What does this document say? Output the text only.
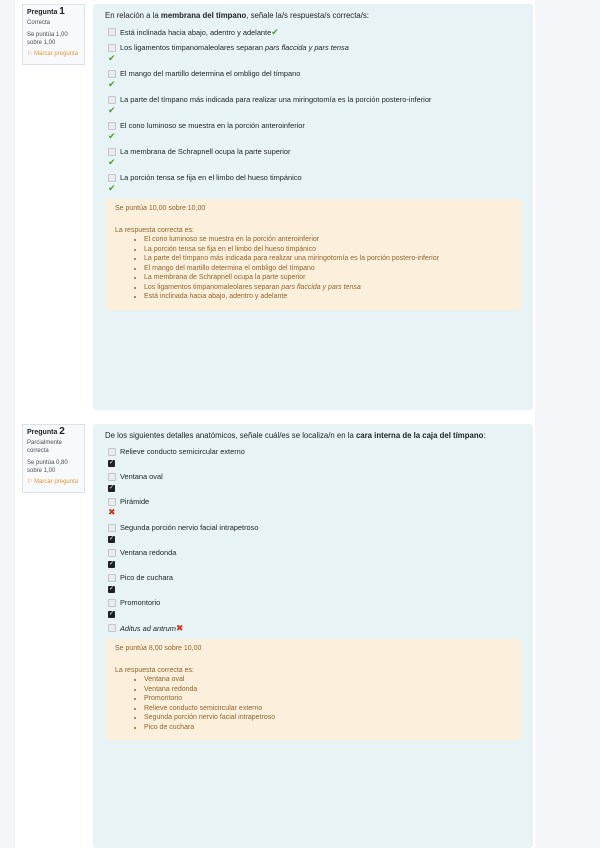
Pregunta 1
Correcta
Se puntúa 1,00 sobre 1,00
⚐ Marcar pregunta
En relación a la membrana del tímpano, señale la/s respuesta/s correcta/s:
Está inclinada hacia abajo, adentro y adelante✔
Los ligamentos timpanomaleolares separan pars flaccida y pars tensa
✔
El mango del martillo determina el ombligo del tímpano
✔
La parte del tímpano más indicada para realizar una miringotomía es la porción postero-inferior
✔
El cono luminoso se muestra en la porción anteroinferior
✔
La membrana de Schrapnell ocupa la parte superior
✔
La porción tensa se fija en el limbo del hueso timpánico
✔
Se puntúa 10,00 sobre 10,00
La respuesta correcta es:
• El cono luminoso se muestra en la porción anteroinferior
• La porción tensa se fija en el limbo del hueso timpánico
• La parte del tímpano más indicada para realizar una miringotomía es la porción postero-inferior
• El mango del martillo determina el ombligo del tímpano
• La membrana de Schrapnell ocupa la parte superior
• Los ligamentos timpanomaleolares separan pars flaccida y pars tensa
• Está inclinada hacia abajo, adentro y adelante
Pregunta 2
Parcialmente correcta
Se puntúa 0,80 sobre 1,00
⚐ Marcar pregunta
De los siguientes detalles anatómicos, señale cuál/es se localiza/n en la cara interna de la caja del tímpano:
Relieve conducto semicircular externo
✓
Ventana oval
✓
Pirámide
✖
Segunda porción nervio facial intrapetroso
✓
Ventana redonda
✓
Pico de cuchara
✓
Promontorio
✓
Aditus ad antrum✖
Se puntúa 8,00 sobre 10,00
La respuesta correcta es:
• Ventana oval
• Ventana redonda
• Promontorio
• Relieve conducto semicircular externo
• Segunda porción nervio facial intrapetroso
• Pico de cuchara
